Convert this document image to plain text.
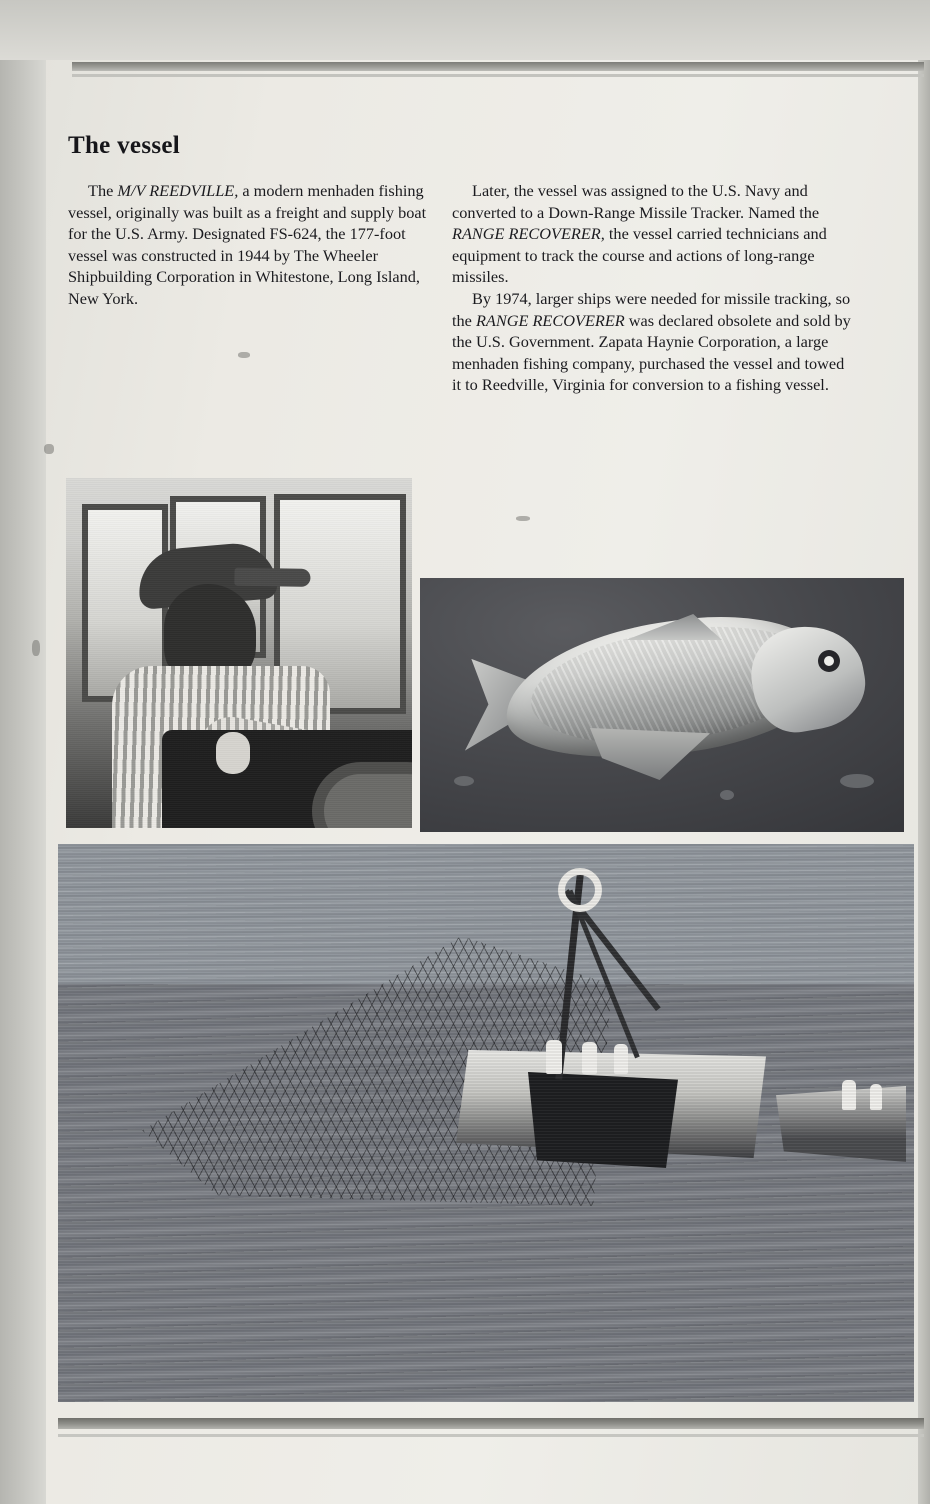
The vessel

The M/V REEDVILLE, a modern menhaden fishing vessel, originally was built as a freight and supply boat for the U.S. Army. Designated FS-624, the 177-foot vessel was constructed in 1944 by The Wheeler Shipbuilding Corporation in Whitestone, Long Island, New York.

Later, the vessel was assigned to the U.S. Navy and converted to a Down-Range Missile Tracker. Named the RANGE RECOVERER, the vessel carried technicians and equipment to track the course and actions of long-range missiles.

By 1974, larger ships were needed for missile tracking, so the RANGE RECOVERER was declared obsolete and sold by the U.S. Government. Zapata Haynie Corporation, a large menhaden fishing company, purchased the vessel and towed it to Reedville, Virginia for conversion to a fishing vessel.
